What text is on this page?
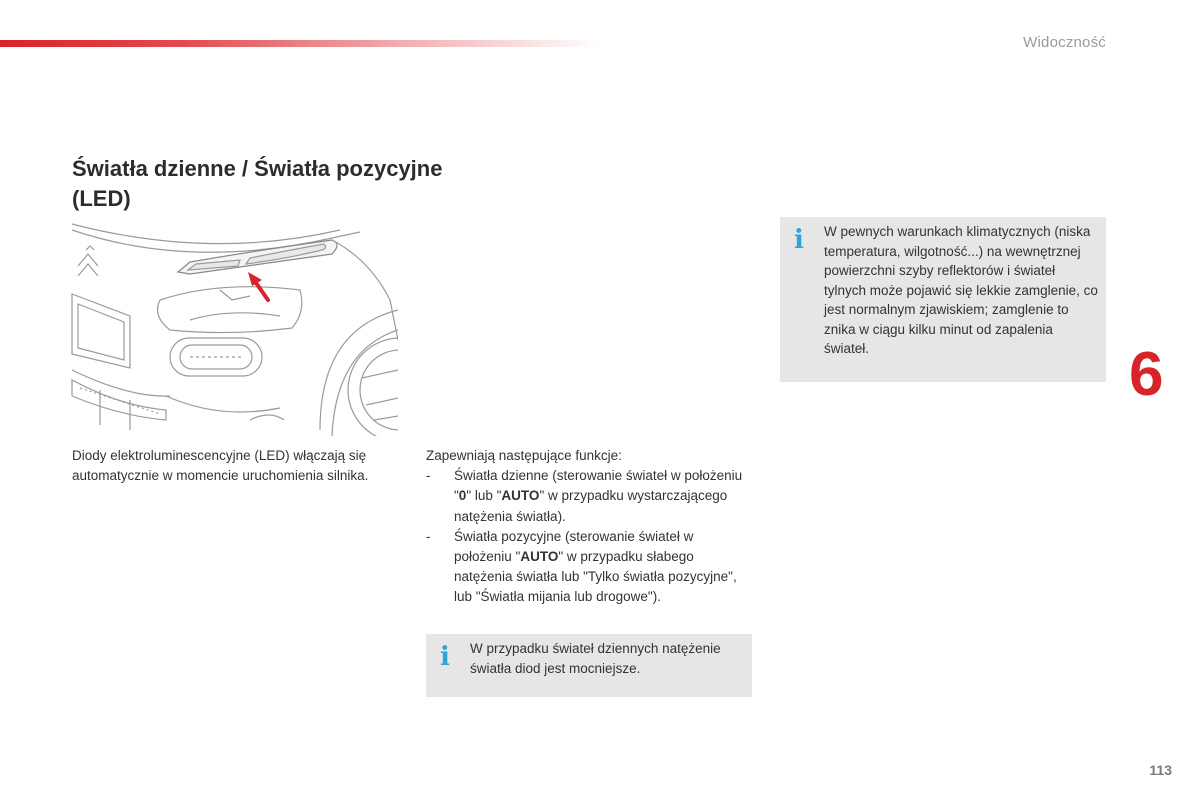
Widoczność
Światła dzienne / Światła pozycyjne
(LED)
Diody elektroluminescencyjne (LED) włączają się automatycznie w momencie uruchomienia silnika.
Zapewniają następujące funkcje:
- Światła dzienne (sterowanie świateł w położeniu "0" lub "AUTO" w przypadku wystarczającego natężenia światła).
- Światła pozycyjne (sterowanie świateł w położeniu "AUTO" w przypadku słabego natężenia światła lub "Tylko światła pozycyjne", lub "Światła mijania lub drogowe").
i W pewnych warunkach klimatycznych (niska temperatura, wilgotność...) na wewnętrznej powierzchni szyby reflektorów i świateł tylnych może pojawić się lekkie zamglenie, co jest normalnym zjawiskiem; zamglenie to znika w ciągu kilku minut od zapalenia świateł.
i W przypadku świateł dziennych natężenie światła diod jest mocniejsze.
6
113
